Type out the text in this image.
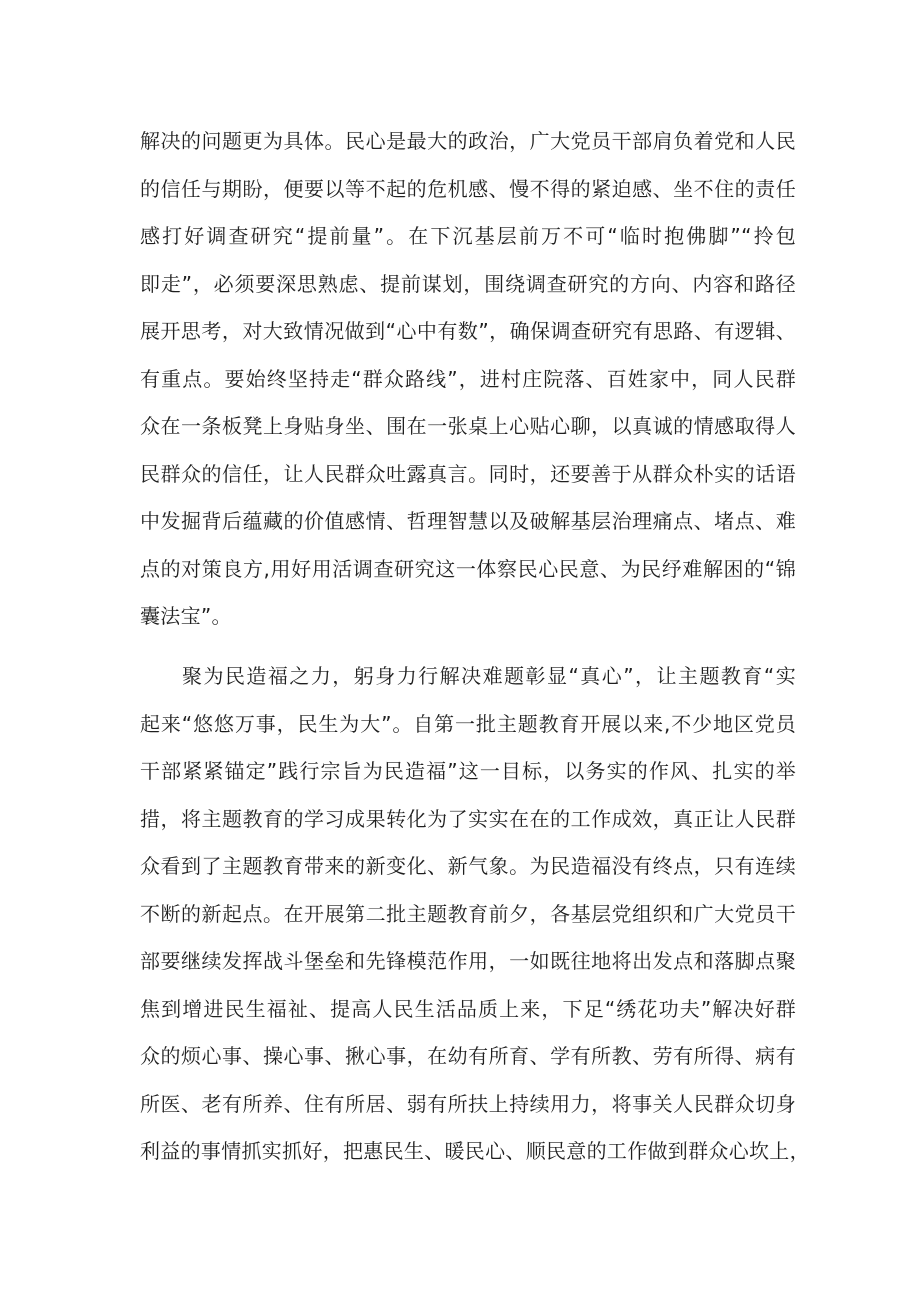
解决的问题更为具体。民心是最大的政治，广大党员干部肩负着党和人民
的信任与期盼，便要以等不起的危机感、慢不得的紧迫感、坐不住的责任
感打好调查研究“提前量”。在下沉基层前万不可“临时抱佛脚”“拎包
即走”，必须要深思熟虑、提前谋划，围绕调查研究的方向、内容和路径
展开思考，对大致情况做到“心中有数”，确保调查研究有思路、有逻辑、
有重点。要始终坚持走“群众路线”，进村庄院落、百姓家中，同人民群
众在一条板凳上身贴身坐、围在一张桌上心贴心聊，以真诚的情感取得人
民群众的信任，让人民群众吐露真言。同时，还要善于从群众朴实的话语
中发掘背后蕴藏的价值感情、哲理智慧以及破解基层治理痛点、堵点、难
点的对策良方,用好用活调查研究这一体察民心民意、为民纾难解困的“锦
囊法宝”。
聚为民造福之力，躬身力行解决难题彰显“真心”，让主题教育“实
起来“悠悠万事，民生为大”。自第一批主题教育开展以来,不少地区党员
干部紧紧锚定”践行宗旨为民造福”这一目标，以务实的作风、扎实的举
措，将主题教育的学习成果转化为了实实在在的工作成效，真正让人民群
众看到了主题教育带来的新变化、新气象。为民造福没有终点，只有连续
不断的新起点。在开展第二批主题教育前夕，各基层党组织和广大党员干
部要继续发挥战斗堡垒和先锋模范作用，一如既往地将出发点和落脚点聚
焦到增进民生福祉、提高人民生活品质上来，下足“绣花功夫”解决好群
众的烦心事、操心事、揪心事，在幼有所育、学有所教、劳有所得、病有
所医、老有所养、住有所居、弱有所扶上持续用力，将事关人民群众切身
利益的事情抓实抓好，把惠民生、暖民心、顺民意的工作做到群众心坎上，
